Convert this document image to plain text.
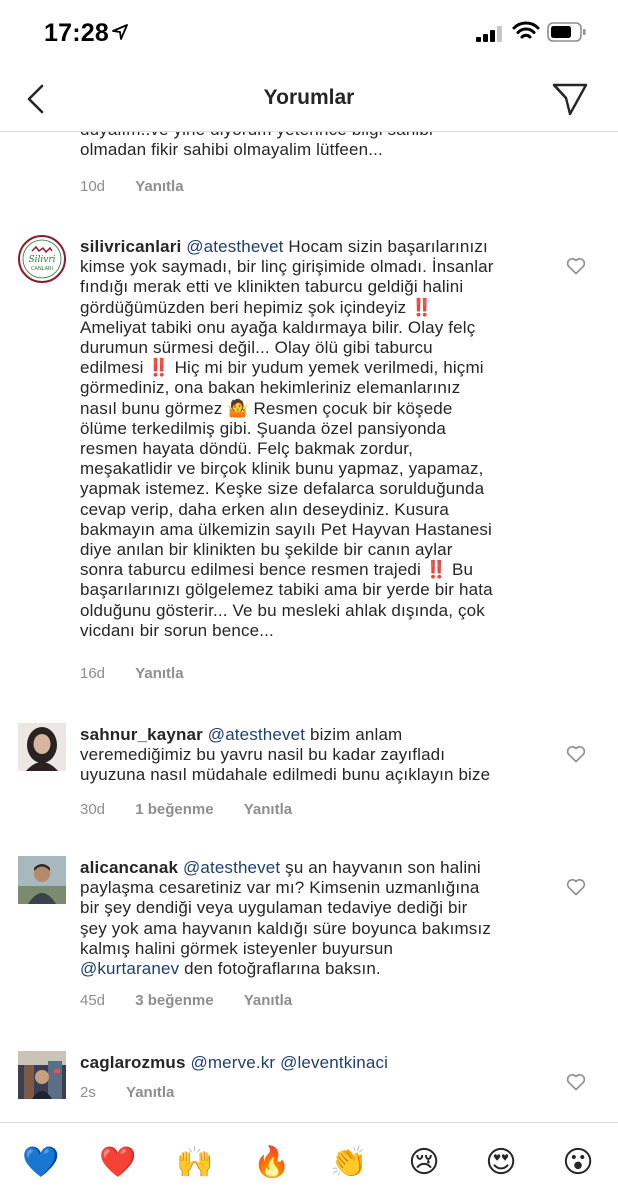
17:28
Yorumlar

olmadan fikir sahibi olmayalim lütfeen...
10d Yanıtla
Silivri
CANLARI
silivricanlari @atesthevet Hocam sizin başarılarınızı
kimse yok saymadı, bir linç girişimide olmadı. İnsanlar
fındığı merak etti ve klinikten taburcu geldiği halini
gördüğümüzden beri hepimiz şok içindeyiz ‼️
Ameliyat tabiki onu ayağa kaldırmaya bilir. Olay felç
durumun sürmesi değil... Olay ölü gibi taburcu
edilmesi ‼️ Hiç mi bir yudum yemek verilmedi, hiçmi
görmediniz, ona bakan hekimleriniz elemanlarınız
nasıl bunu görmez 🤷 Resmen çocuk bir köşede
ölüme terkedilmiş gibi. Şuanda özel pansiyonda
resmen hayata döndü. Felç bakmak zordur,
meşakatlidir ve birçok klinik bunu yapmaz, yapamaz,
yapmak istemez. Keşke size defalarca sorulduğunda
cevap verip, daha erken alın deseydiniz. Kusura
bakmayın ama ülkemizin sayılı Pet Hayvan Hastanesi
diye anılan bir klinikten bu şekilde bir canın aylar
sonra taburcu edilmesi bence resmen trajedi ‼️ Bu
başarılarınızı gölgelemez tabiki ama bir yerde bir hata
olduğunu gösterir... Ve bu mesleki ahlak dışında, çok
vicdanı bir sorun bence...
16d Yanıtla
sahnur_kaynar @atesthevet bizim anlam
veremediğimiz bu yavru nasil bu kadar zayıfladı
uyuzuna nasıl müdahale edilmedi bunu açıklayın bize
30d 1 beğenme Yanıtla
alicancanak @atesthevet şu an hayvanın son halini
paylaşma cesaretiniz var mı? Kimsenin uzmanlığına
bir şey dendiği veya uygulaman tedaviye dediği bir
şey yok ama hayvanın kaldığı süre boyunca bakımsız
kalmış halini görmek isteyenler buyursun
@kurtaranev den fotoğraflarına baksın.
45d 3 beğenme Yanıtla
caglarozmus @merve.kr @leventkinaci
2s Yanıtla
💙 ❤️ 🙌 🔥 👏 😢 😍 😮
